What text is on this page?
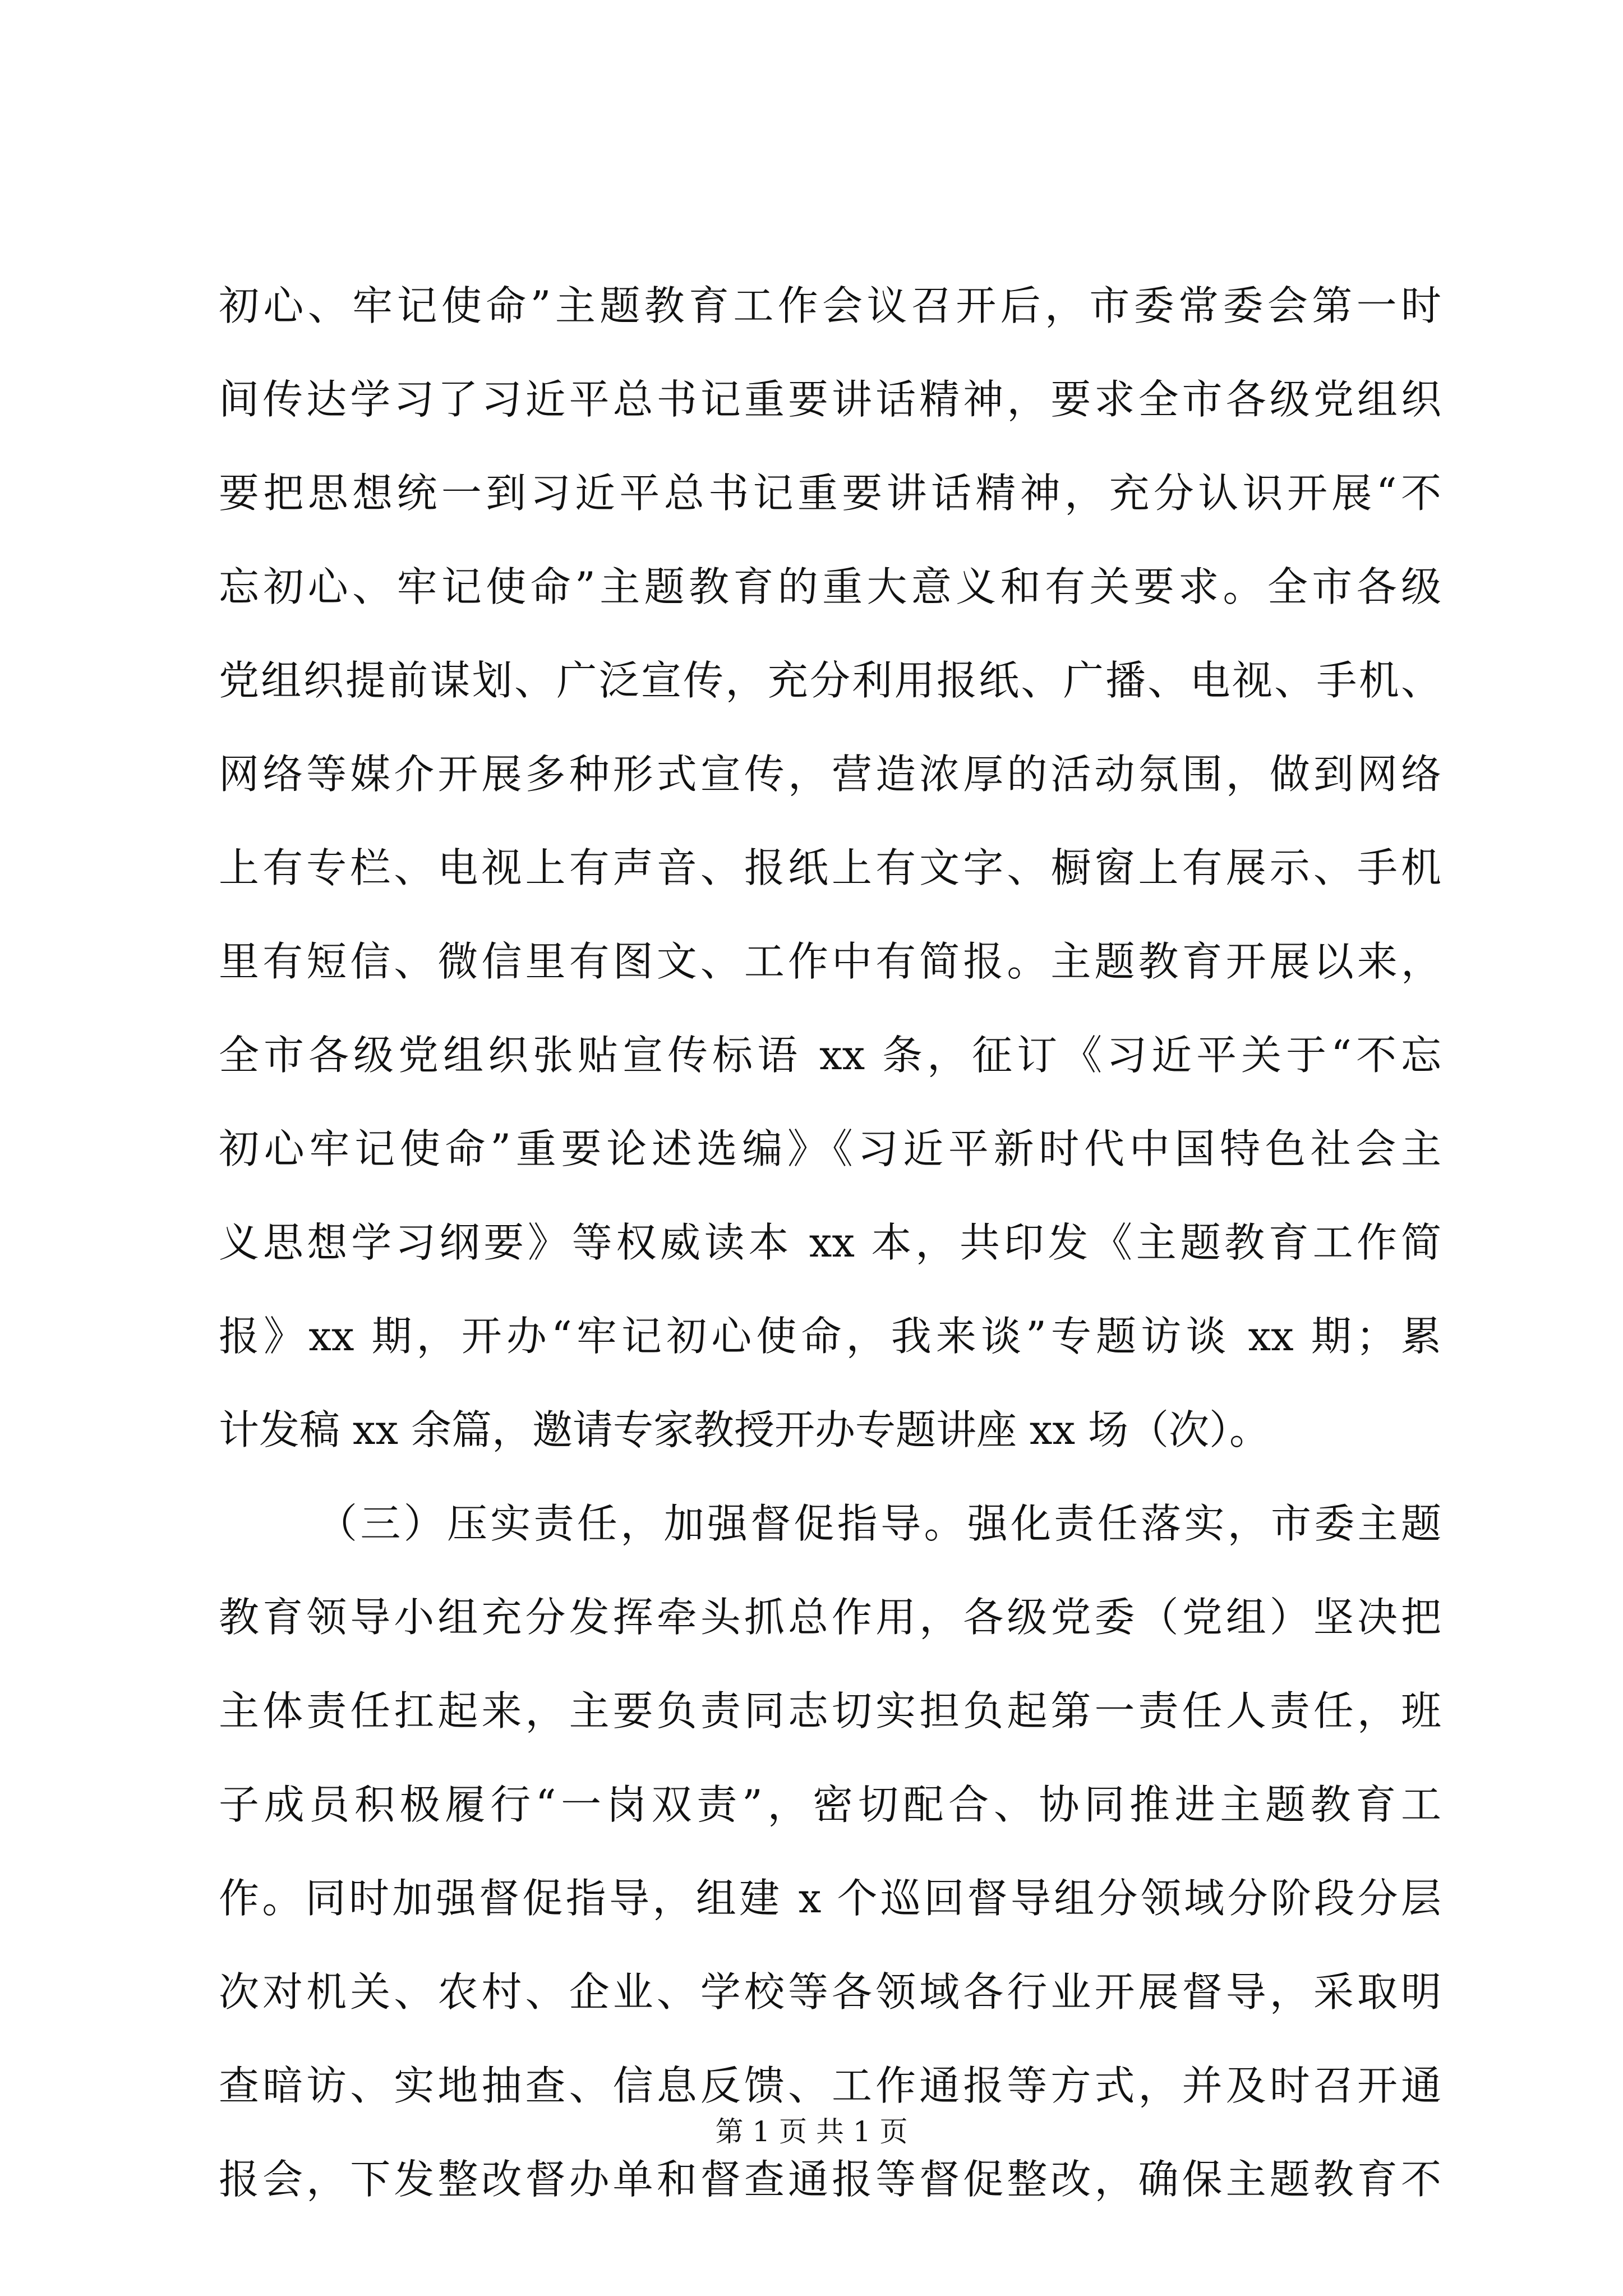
初心、牢记使命”主题教育工作会议召开后，市委常委会第一时
间传达学习了习近平总书记重要讲话精神，要求全市各级党组织
要把思想统一到习近平总书记重要讲话精神，充分认识开展“不
忘初心、牢记使命”主题教育的重大意义和有关要求。全市各级
党组织提前谋划、广泛宣传，充分利用报纸、广播、电视、手机、
网络等媒介开展多种形式宣传，营造浓厚的活动氛围，做到网络
上有专栏、电视上有声音、报纸上有文字、橱窗上有展示、手机
里有短信、微信里有图文、工作中有简报。主题教育开展以来，
全市各级党组织张贴宣传标语 xx 条，征订《习近平关于“不忘
初心牢记使命”重要论述选编》《习近平新时代中国特色社会主
义思想学习纲要》等权威读本 xx 本，共印发《主题教育工作简
报》xx 期，开办“牢记初心使命，我来谈”专题访谈 xx 期；累
计发稿 xx 余篇，邀请专家教授开办专题讲座 xx 场（次）。
（三）压实责任，加强督促指导。强化责任落实，市委主题
教育领导小组充分发挥牵头抓总作用，各级党委（党组）坚决把
主体责任扛起来，主要负责同志切实担负起第一责任人责任，班
子成员积极履行“一岗双责”，密切配合、协同推进主题教育工
作。同时加强督促指导，组建 x 个巡回督导组分领域分阶段分层
次对机关、农村、企业、学校等各领域各行业开展督导，采取明
查暗访、实地抽查、信息反馈、工作通报等方式，并及时召开通
报会，下发整改督办单和督查通报等督促整改，确保主题教育不
第 1 页 共 1 页
